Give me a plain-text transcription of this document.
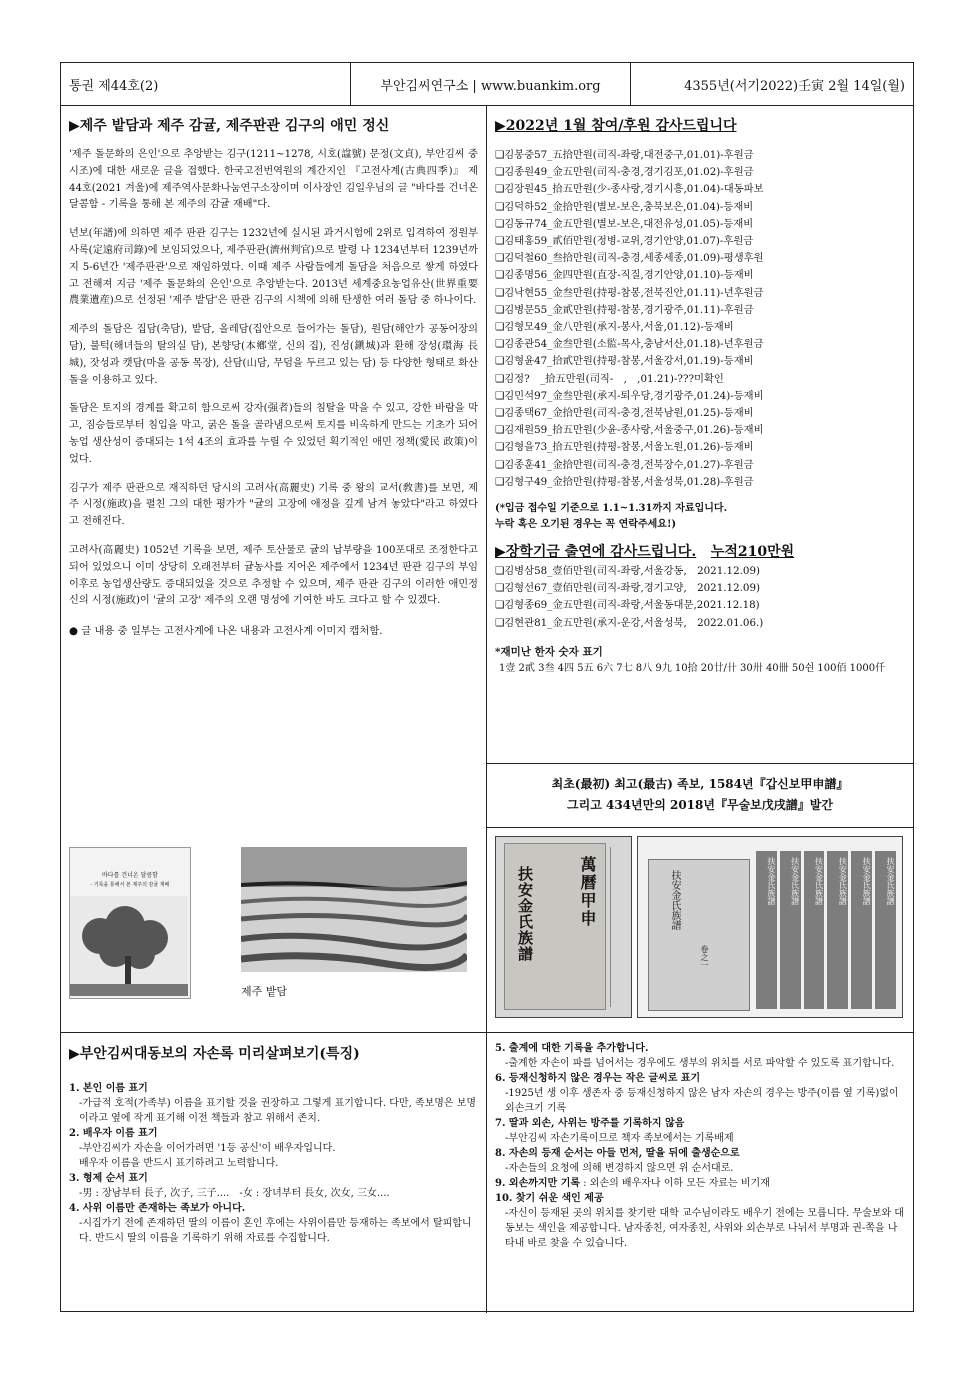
통권 제44호(2)	부안김씨연구소 | www.buankim.org	4355년(서기2022)壬寅 2월 14일(월)
▶제주 밭담과 제주 감귤, 제주판관 김구의 애민 정신

'제주 돌문화의 은인'으로 추앙받는 김구(1211~1278, 시호(諡號) 문정(文貞), 부안김씨 중시조)에 대한 새로운 글을 접했다. 한국고전번역원의 계간지인 『고전사계(古典四季)』 제44호(2021 겨울)에 제주역사문화나눔연구소장이며 이사장인 김일우님의 글 "바다를 건너온 달콤함 - 기록을 통해 본 제주의 감귤 재배"다.

년보(年譜)에 의하면 제주 판관 김구는 1232년에 실시된 과거시험에 2위로 입격하여 정원부사록(定遠府司錄)에 보임되었으나, 제주판관(濟州判官)으로 발령 나 1234년부터 1239년까지 5-6년간 '제주판관'으로 재임하였다. 이때 제주 사람들에게 돌담을 처음으로 쌓게 하였다고 전해져 지금 '제주 돌문화의 은인'으로 추앙받는다. 2013년 세계중요농업유산(世界重要農業遺産)으로 선정된 '제주 밭담'은 판관 김구의 시책에 의해 탄생한 여러 돌담 중 하나이다.

제주의 돌담은 집담(축담), 밭담, 올레담(집안으로 들어가는 돌담), 원담(해안가 공동어장의 담), 불턱(해녀들의 탈의실 담), 본향당(本鄕堂, 신의 집), 진성(鎭城)과 환해 장성(環海 長城), 잣성과 캣담(마을 공동 목장), 산담(山담, 무덤을 두르고 있는 담) 등 다양한 형태로 화산돌을 이용하고 있다.

돌담은 토지의 경계를 확고히 함으로써 강자(强者)들의 침탈을 막을 수 있고, 강한 바람을 막고, 짐승들로부터 침입을 막고, 굵은 돌을 골라냄으로써 토지를 비옥하게 만드는 기초가 되어 농업 생산성이 증대되는 1석 4조의 효과를 누릴 수 있었던 획기적인 애민 정책(愛民 政策)이었다.

김구가 제주 판관으로 재직하던 당시의 고려사(高麗史) 기록 중 왕의 교서(敎書)를 보면, 제주 시정(施政)을 펼친 그의 대한 평가가 "귤의 고장에 애정을 깊게 남겨 놓았다"라고 하였다고 전해진다.

고려사(高麗史) 1052년 기록을 보면, 제주 토산물로 귤의 납부량을 100포대로 조정한다고 되어 있었으니 이미 상당히 오래전부터 귤농사를 지어온 제주에서 1234년 판관 김구의 부임 이후로 농업생산량도 증대되었을 것으로 추정할 수 있으며, 제주 판관 김구의 이러한 애민정신의 시정(施政)이 '귤의 고장' 제주의 오랜 명성에 기여한 바도 크다고 할 수 있겠다.

● 글 내용 중 일부는 고전사계에 나온 내용과 고전사계 이미지 캡처함.
바다를 건너온 달콤함
- 기록을 통해서 본 제주의 감귤 재배
제주 밭담
▶2022년 1월 참여/후원 감사드립니다
❏김봉중57_五拾만원(司직-좌랑,대전중구,01.01)-후원금
❏김종원49_金五만원(司직-충경,경기김포,01.02)-후원금
❏김장원45_拾五만원(少-종사랑,경기시흥,01.04)-대동파보
❏김덕하52_金拾만원(별보-보은,충북보은,01.04)-등재비
❏김동규74_金五만원(별보-보은,대전유성,01.05)-등재비
❏김태홍59_貳佰만원(정병-교위,경기안양,01.07)-후원금
❏김덕철60_叁拾만원(司직-충경,세종세종,01.09)-평생후원
❏김종명56_金四만원(直장-직질,경기안양,01.10)-등재비
❏김낙현55_金叁만원(持평-참봉,전북진안,01.11)-년후원금
❏김병문55_金貳만원(持평-참봉,경기광주,01.11)-후원금
❏김형모49_金八만원(承지-봉사,서울,01.12)-등재비
❏김종관54_金叁만원(소監-목사,충남서산,01.18)-년후원금
❏김형윤47_拾貳만원(持평-참봉,서울강서,01.19)-등재비
❏김정?　_拾五만원(司직-　,　,01.21)-???미확인
❏김민석97_金叁만원(承지-퇴우당,경기광주,01.24)-등재비
❏김종택67_金拾만원(司직-충경,전북남원,01.25)-등재비
❏김재원59_拾五만원(少윤-종사랑,서울중구,01.26)-등재비
❏김형을73_拾五만원(持평-참봉,서울노원,01.26)-등재비
❏김종훈41_金拾만원(司직-충경,전북장수,01.27)-후원금
❏김형구49_金拾만원(持평-참봉,서울성북,01.28)-후원금
(*입금 접수일 기준으로 1.1~1.31까지 자료입니다.
누락 혹은 오기된 경우는 꼭 연락주세요!)
▶장학기금 출연에 감사드립니다. 누적210만원
❏김병삼58_壹佰만원(司직-좌랑,서울강동,　2021.12.09)
❏김형선67_壹佰만원(司직-좌랑,경기고양,　2021.12.09)
❏김형종69_金五만원(司직-좌랑,서울동대문,2021.12.18)
❏김현관81_金五만원(承지-운강,서울성북,　2022.01.06.)
*재미난 한자 숫자 표기
1壹 2貳 3叁 4四 5五 6六 7七 8八 9九 10拾 20廿/卄 30卅 40卌 50쉰 100佰 1000仟
최초(最初) 최고(最古) 족보, 1584년『갑신보甲申譜』
그리고 434년만의 2018년『무술보戊戌譜』발간
萬曆甲申
扶安金氏族譜	扶安金氏族譜
卷之一
扶安金氏族譜	扶安金氏族譜	扶安金氏族譜	扶安金氏族譜	扶安金氏族譜	扶安金氏族譜
▶부안김씨대동보의 자손록 미리살펴보기(특징)
1. 본인 이름 표기
-가급적 호적(가족부) 이름을 표기할 것을 권장하고 그렇게 표기합니다. 다만, 족보명은 보명이라고 옆에 작게 표기해 이전 책들과 참고 위해서 존치.
2. 배우자 이름 표기
-부안김씨가 자손을 이어가려면 '1등 공신'이 배우자입니다.
배우자 이름을 반드시 표기하려고 노력합니다.
3. 형제 순서 표기
-男 : 장남부터 長子, 次子, 三子....　-女 : 장녀부터 長女, 次女, 三女....
4. 사위 이름만 존재하는 족보가 아니다.
-시집가기 전에 존재하던 딸의 이름이 혼인 후에는 사위이름만 등재하는 족보에서 탈피합니다. 반드시 딸의 이름을 기록하기 위해 자료를 수집합니다.
5. 출계에 대한 기록을 추가합니다.
-출계한 자손이 파를 넘어서는 경우에도 생부의 위치를 서로 파악할 수 있도록 표기합니다.
6. 등재신청하지 않은 경우는 작은 글씨로 표기
-1925년 생 이후 생존자 중 등재신청하지 않은 남자 자손의 경우는 방주(이름 옆 기록)없이 외손크기 기록
7. 딸과 외손, 사위는 방주를 기록하지 않음
-부안김씨 자손기록이므로 책자 족보에서는 기록배제
8. 자손의 등재 순서는 아들 먼저, 딸을 뒤에 출생순으로
-자손들의 요청에 의해 변경하지 않으면 위 순서대로.
9. 외손까지만 기록 : 외손의 배우자나 이하 모든 자료는 비기재
10. 찾기 쉬운 색인 제공
-자신이 등재된 곳의 위치를 찾기란 대학 교수님이라도 배우기 전에는 모릅니다. 무술보와 대동보는 색인을 제공합니다. 남자종친, 여자종친, 사위와 외손부로 나뉘서 부명과 권-쪽을 나타내 바로 찾을 수 있습니다.
